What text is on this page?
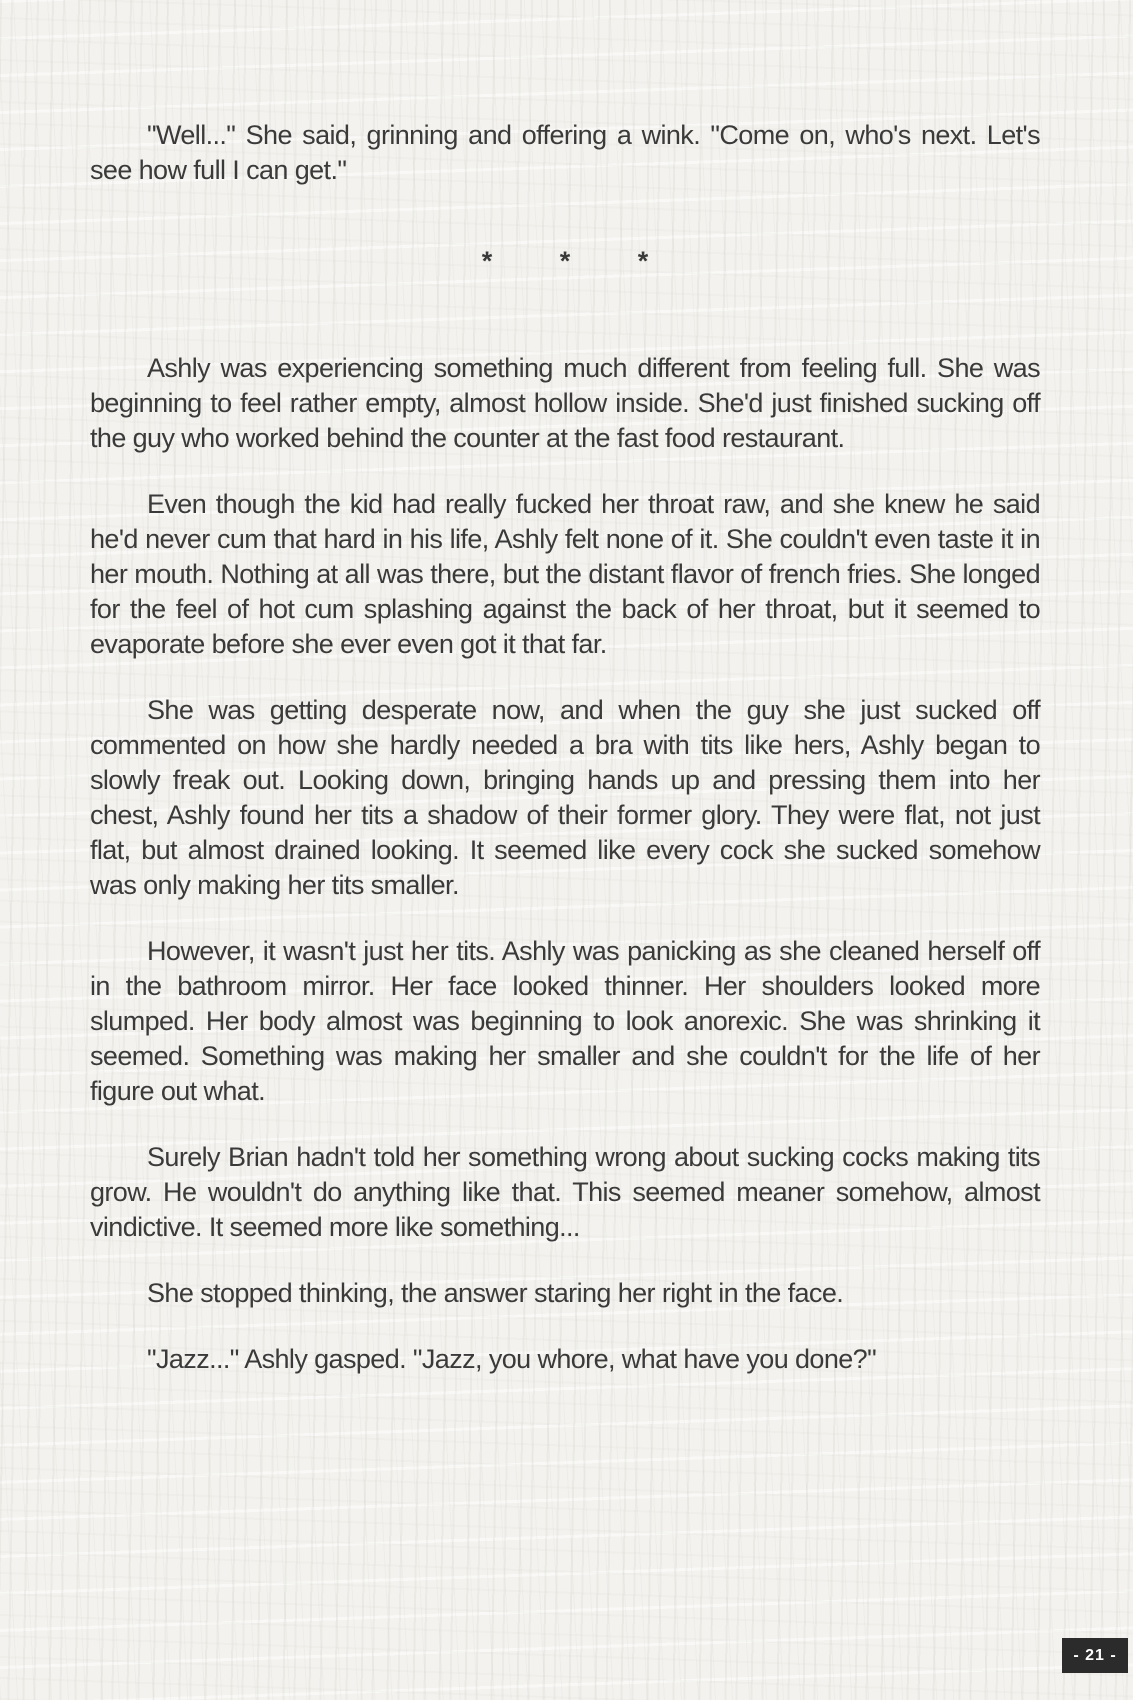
"Well..." She said, grinning and offering a wink. "Come on, who's next. Let's see how full I can get."

*         *         *

Ashly was experiencing something much different from feeling full. She was beginning to feel rather empty, almost hollow inside. She'd just finished sucking off the guy who worked behind the counter at the fast food restaurant.

Even though the kid had really fucked her throat raw, and she knew he said he'd never cum that hard in his life, Ashly felt none of it. She couldn't even taste it in her mouth. Nothing at all was there, but the distant flavor of french fries. She longed for the feel of hot cum splashing against the back of her throat, but it seemed to evaporate before she ever even got it that far.

She was getting desperate now, and when the guy she just sucked off commented on how she hardly needed a bra with tits like hers, Ashly began to slowly freak out. Looking down, bringing hands up and pressing them into her chest, Ashly found her tits a shadow of their former glory. They were flat, not just flat, but almost drained looking. It seemed like every cock she sucked somehow was only making her tits smaller.

However, it wasn't just her tits. Ashly was panicking as she cleaned herself off in the bathroom mirror. Her face looked thinner. Her shoulders looked more slumped. Her body almost was beginning to look anorexic. She was shrinking it seemed. Something was making her smaller and she couldn't for the life of her figure out what.

Surely Brian hadn't told her something wrong about sucking cocks making tits grow. He wouldn't do anything like that. This seemed meaner somehow, almost vindictive. It seemed more like something...

She stopped thinking, the answer staring her right in the face.

"Jazz..." Ashly gasped. "Jazz, you whore, what have you done?"

- 21 -
